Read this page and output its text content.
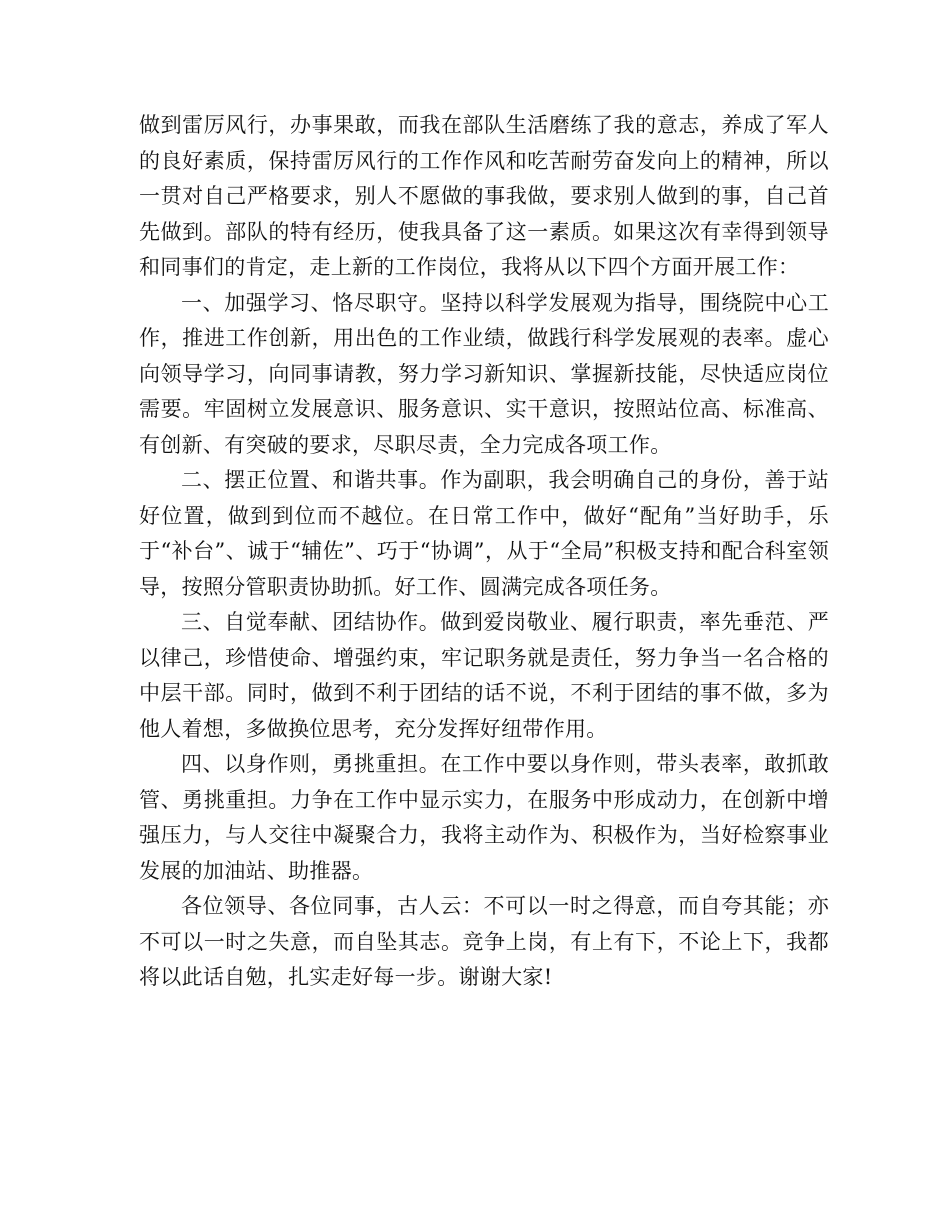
做到雷厉风行，办事果敢，而我在部队生活磨练了我的意志，养成了军人的良好素质，保持雷厉风行的工作作风和吃苦耐劳奋发向上的精神，所以一贯对自己严格要求，别人不愿做的事我做，要求别人做到的事，自己首先做到。部队的特有经历，使我具备了这一素质。如果这次有幸得到领导和同事们的肯定，走上新的工作岗位，我将从以下四个方面开展工作：

一、加强学习、恪尽职守。坚持以科学发展观为指导，围绕院中心工作，推进工作创新，用出色的工作业绩，做践行科学发展观的表率。虚心向领导学习，向同事请教，努力学习新知识、掌握新技能，尽快适应岗位需要。牢固树立发展意识、服务意识、实干意识，按照站位高、标准高、有创新、有突破的要求，尽职尽责，全力完成各项工作。

二、摆正位置、和谐共事。作为副职，我会明确自己的身份，善于站好位置，做到到位而不越位。在日常工作中，做好“配角”当好助手，乐于“补台”、诚于“辅佐”、巧于“协调”，从于“全局”积极支持和配合科室领导，按照分管职责协助抓。好工作、圆满完成各项任务。

三、自觉奉献、团结协作。做到爱岗敬业、履行职责，率先垂范、严以律己，珍惜使命、增强约束，牢记职务就是责任，努力争当一名合格的中层干部。同时，做到不利于团结的话不说，不利于团结的事不做，多为他人着想，多做换位思考，充分发挥好纽带作用。

四、以身作则，勇挑重担。在工作中要以身作则，带头表率，敢抓敢管、勇挑重担。力争在工作中显示实力，在服务中形成动力，在创新中增强压力，与人交往中凝聚合力，我将主动作为、积极作为，当好检察事业发展的加油站、助推器。

各位领导、各位同事，古人云：不可以一时之得意，而自夸其能；亦不可以一时之失意，而自坠其志。竞争上岗，有上有下，不论上下，我都将以此话自勉，扎实走好每一步。谢谢大家!
